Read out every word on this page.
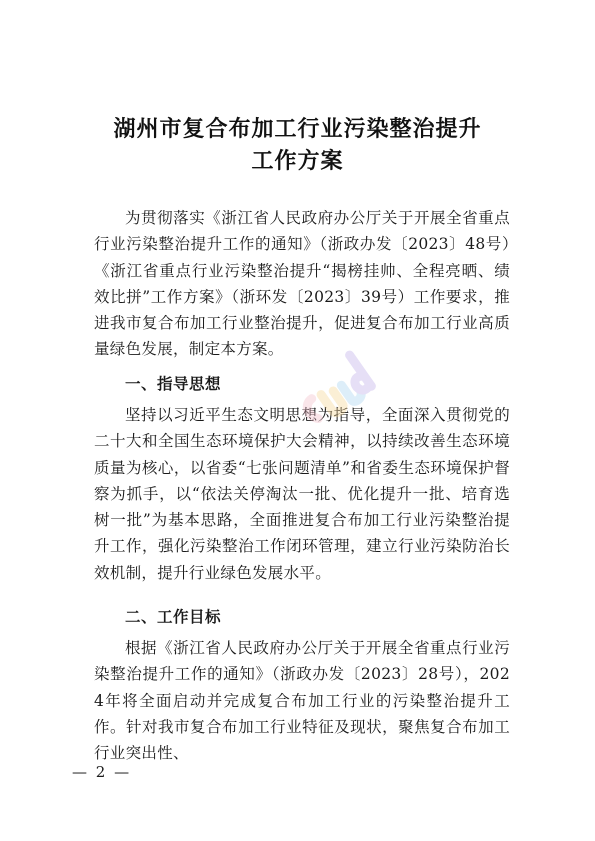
湖州市复合布加工行业污染整治提升
工作方案
为贯彻落实《浙江省人民政府办公厅关于开展全省重点行业污染整治提升工作的通知》（浙政办发〔2023〕48号）《浙江省重点行业污染整治提升“揭榜挂帅、全程亮晒、绩效比拼”工作方案》（浙环发〔2023〕39号）工作要求，推进我市复合布加工行业整治提升，促进复合布加工行业高质量绿色发展，制定本方案。
一、指导思想
坚持以习近平生态文明思想为指导，全面深入贯彻党的二十大和全国生态环境保护大会精神，以持续改善生态环境质量为核心，以省委“七张问题清单”和省委生态环境保护督察为抓手，以“依法关停淘汰一批、优化提升一批、培育选树一批”为基本思路，全面推进复合布加工行业污染整治提升工作，强化污染整治工作闭环管理，建立行业污染防治长效机制，提升行业绿色发展水平。
二、工作目标
根据《浙江省人民政府办公厅关于开展全省重点行业污染整治提升工作的通知》（浙政办发〔2023〕28号），2024年将全面启动并完成复合布加工行业的污染整治提升工作。针对我市复合布加工行业特征及现状，聚焦复合布加工行业突出性、
— 2 —
